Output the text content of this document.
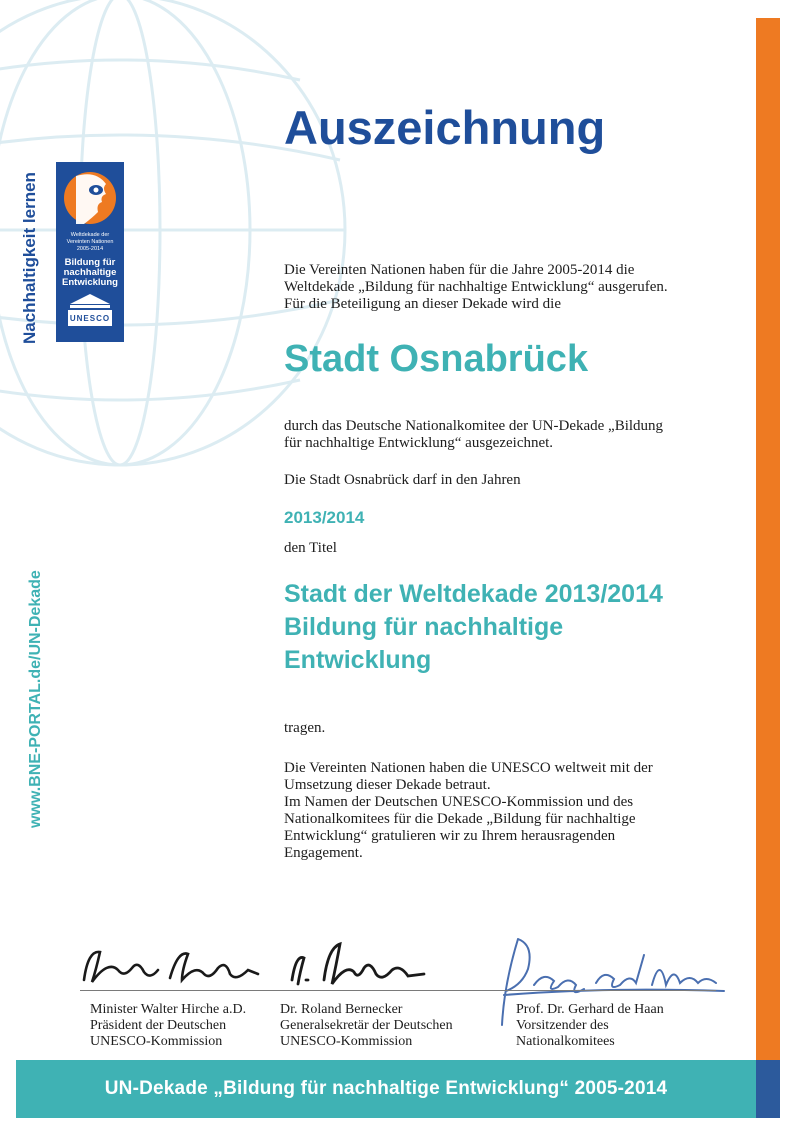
Nachhaltigkeit lernen	Weltdekade der
Vereinten Nationen
2005-2014
Bildung für
nachhaltige
Entwicklung
UNESCO
www.BNE-PORTAL.de/UN-Dekade
Auszeichnung
Die Vereinten Nationen haben für die Jahre 2005-2014 die
Weltdekade „Bildung für nachhaltige Entwicklung“ ausgerufen.
Für die Beteiligung an dieser Dekade wird die
Stadt Osnabrück
durch das Deutsche Nationalkomitee der UN-Dekade „Bildung
für nachhaltige Entwicklung“ ausgezeichnet.
Die Stadt Osnabrück darf in den Jahren
2013/2014
den Titel
Stadt der Weltdekade 2013/2014
Bildung für nachhaltige
Entwicklung
tragen.
Die Vereinten Nationen haben die UNESCO weltweit mit der
Umsetzung dieser Dekade betraut.
Im Namen der Deutschen UNESCO-Kommission und des
Nationalkomitees für die Dekade „Bildung für nachhaltige
Entwicklung“ gratulieren wir zu Ihrem herausragenden
Engagement.
Minister Walter Hirche a.D.
Präsident der Deutschen
UNESCO-Kommission
Dr. Roland Bernecker
Generalsekretär der Deutschen
UNESCO-Kommission
Prof. Dr. Gerhard de Haan
Vorsitzender des
Nationalkomitees
UN-Dekade „Bildung für nachhaltige Entwicklung“ 2005-2014
